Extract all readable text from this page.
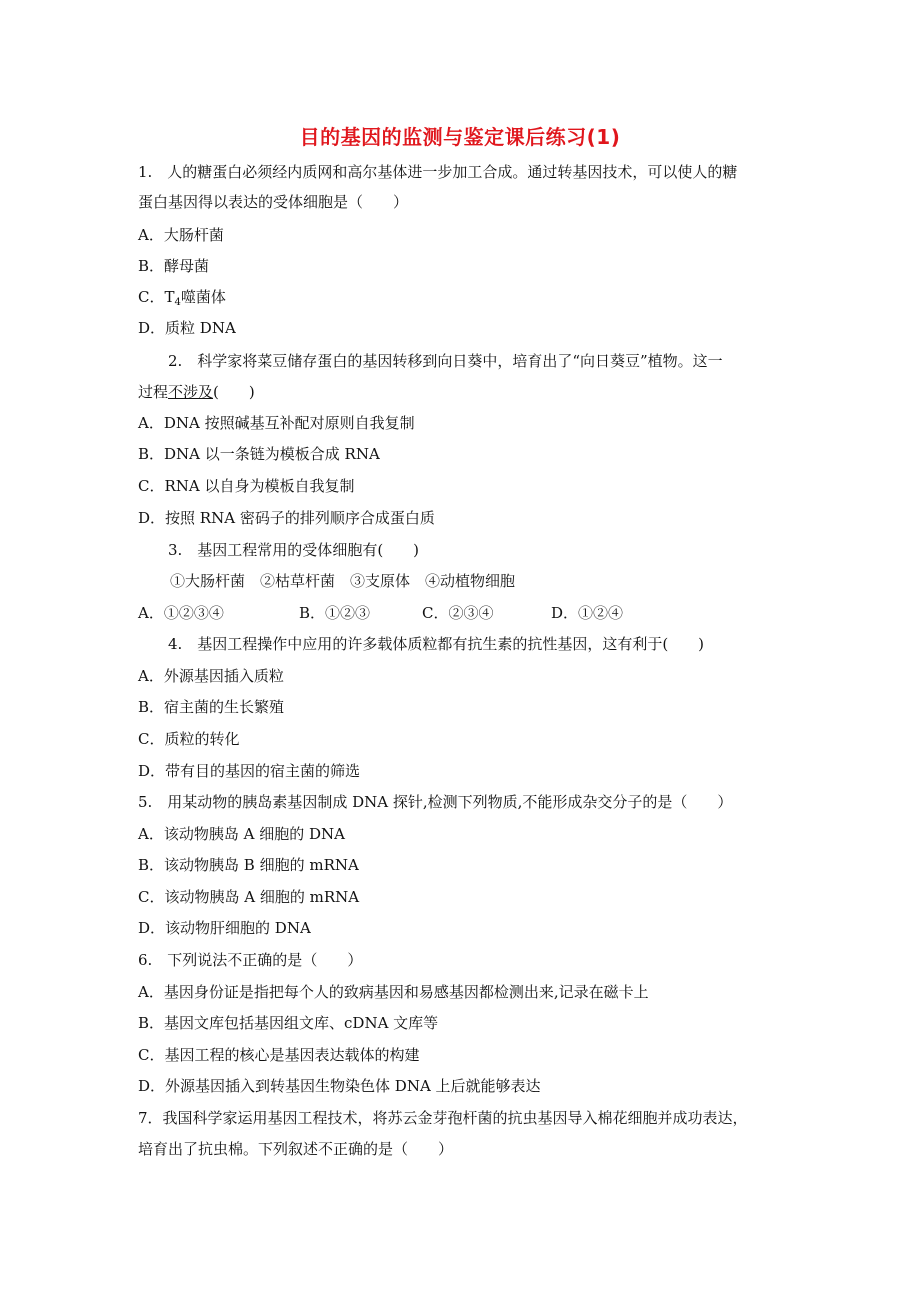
目的基因的监测与鉴定课后练习(1)
1.　人的糖蛋白必须经内质网和高尔基体进一步加工合成。通过转基因技术，可以使人的糖
蛋白基因得以表达的受体细胞是（　　）
A．大肠杆菌
B．酵母菌
C．$T_4$噬菌体
D．质粒 DNA
2.　科学家将菜豆储存蛋白的基因转移到向日葵中，培育出了“向日葵豆”植物。这一
过程不涉及(　　)
A．DNA 按照碱基互补配对原则自我复制
B．DNA 以一条链为模板合成 RNA
C．RNA 以自身为模板自我复制
D．按照 RNA 密码子的排列顺序合成蛋白质
3.　基因工程常用的受体细胞有(　　)
①大肠杆菌　②枯草杆菌　③支原体　④动植物细胞
A．①②③④	B．①②③	C．②③④	D．①②④
4.　基因工程操作中应用的许多载体质粒都有抗生素的抗性基因，这有利于(　　)
A．外源基因插入质粒
B．宿主菌的生长繁殖
C．质粒的转化
D．带有目的基因的宿主菌的筛选
5.　用某动物的胰岛素基因制成 DNA 探针,检测下列物质,不能形成杂交分子的是（　　）
A．该动物胰岛 A 细胞的 DNA
B．该动物胰岛 B 细胞的 mRNA
C．该动物胰岛 A 细胞的 mRNA
D．该动物肝细胞的 DNA
6.　下列说法不正确的是（　　）
A．基因身份证是指把每个人的致病基因和易感基因都检测出来,记录在磁卡上
B．基因文库包括基因组文库、cDNA 文库等
C．基因工程的核心是基因表达载体的构建
D．外源基因插入到转基因生物染色体 DNA 上后就能够表达
7．我国科学家运用基因工程技术，将苏云金芽孢杆菌的抗虫基因导入棉花细胞并成功表达，
培育出了抗虫棉。下列叙述不正确的是（　　）
